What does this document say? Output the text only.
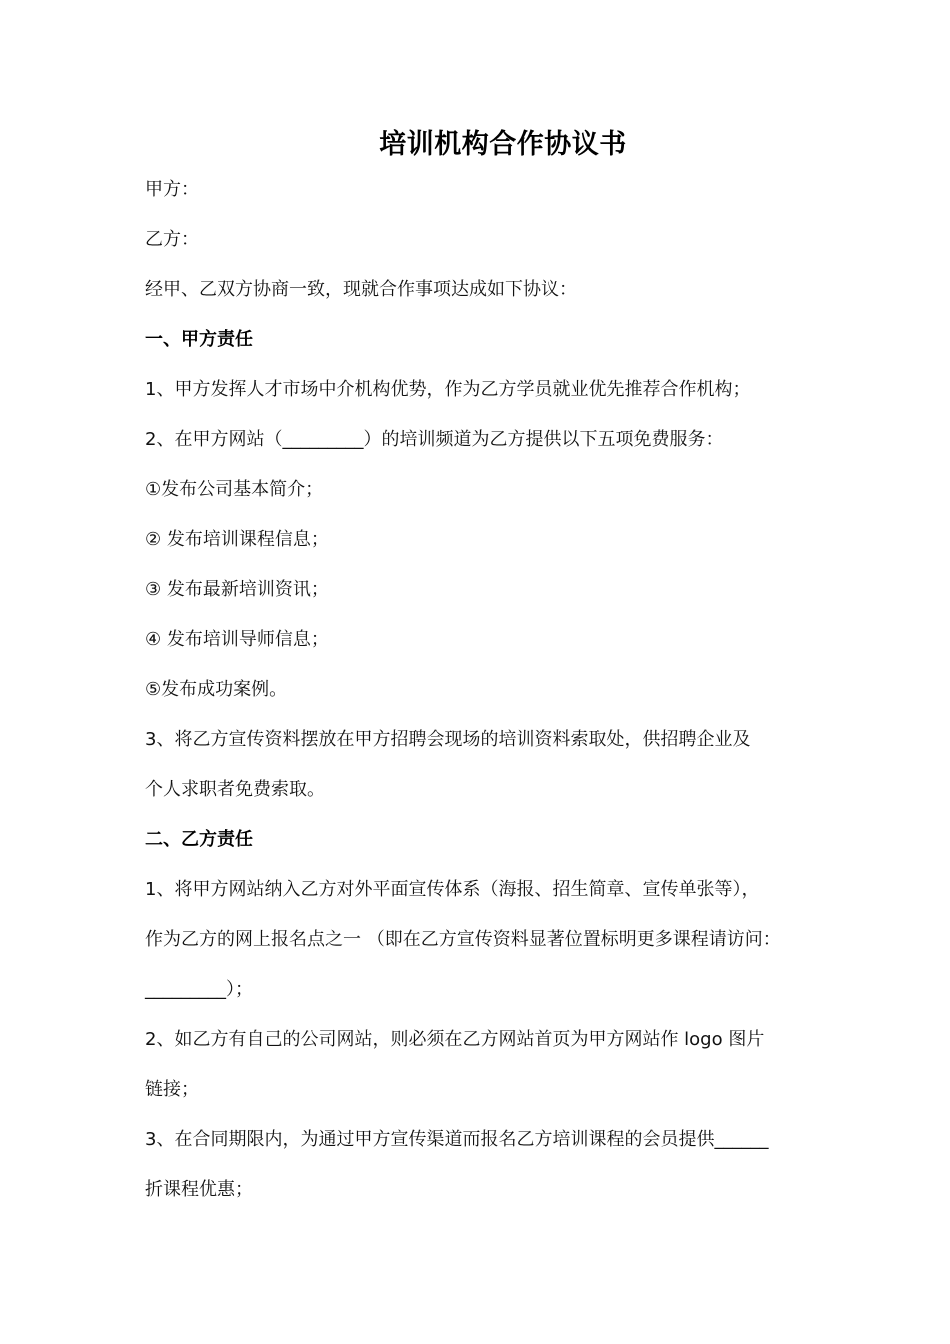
培训机构合作协议书
甲方：
乙方：
经甲、乙双方协商一致，现就合作事项达成如下协议：
一、甲方责任
1、甲方发挥人才市场中介机构优势，作为乙方学员就业优先推荐合作机构；
2、在甲方网站（_________）的培训频道为乙方提供以下五项免费服务：
①发布公司基本简介；
② 发布培训课程信息；
③ 发布最新培训资讯；
④ 发布培训导师信息；
⑤发布成功案例。
3、将乙方宣传资料摆放在甲方招聘会现场的培训资料索取处，供招聘企业及
个人求职者免费索取。
二、乙方责任
1、将甲方网站纳入乙方对外平面宣传体系（海报、招生简章、宣传单张等），
作为乙方的网上报名点之一 （即在乙方宣传资料显著位置标明更多课程请访问：
_________）；
2、如乙方有自己的公司网站，则必须在乙方网站首页为甲方网站作 logo 图片
链接；
3、在合同期限内，为通过甲方宣传渠道而报名乙方培训课程的会员提供______
折课程优惠；
